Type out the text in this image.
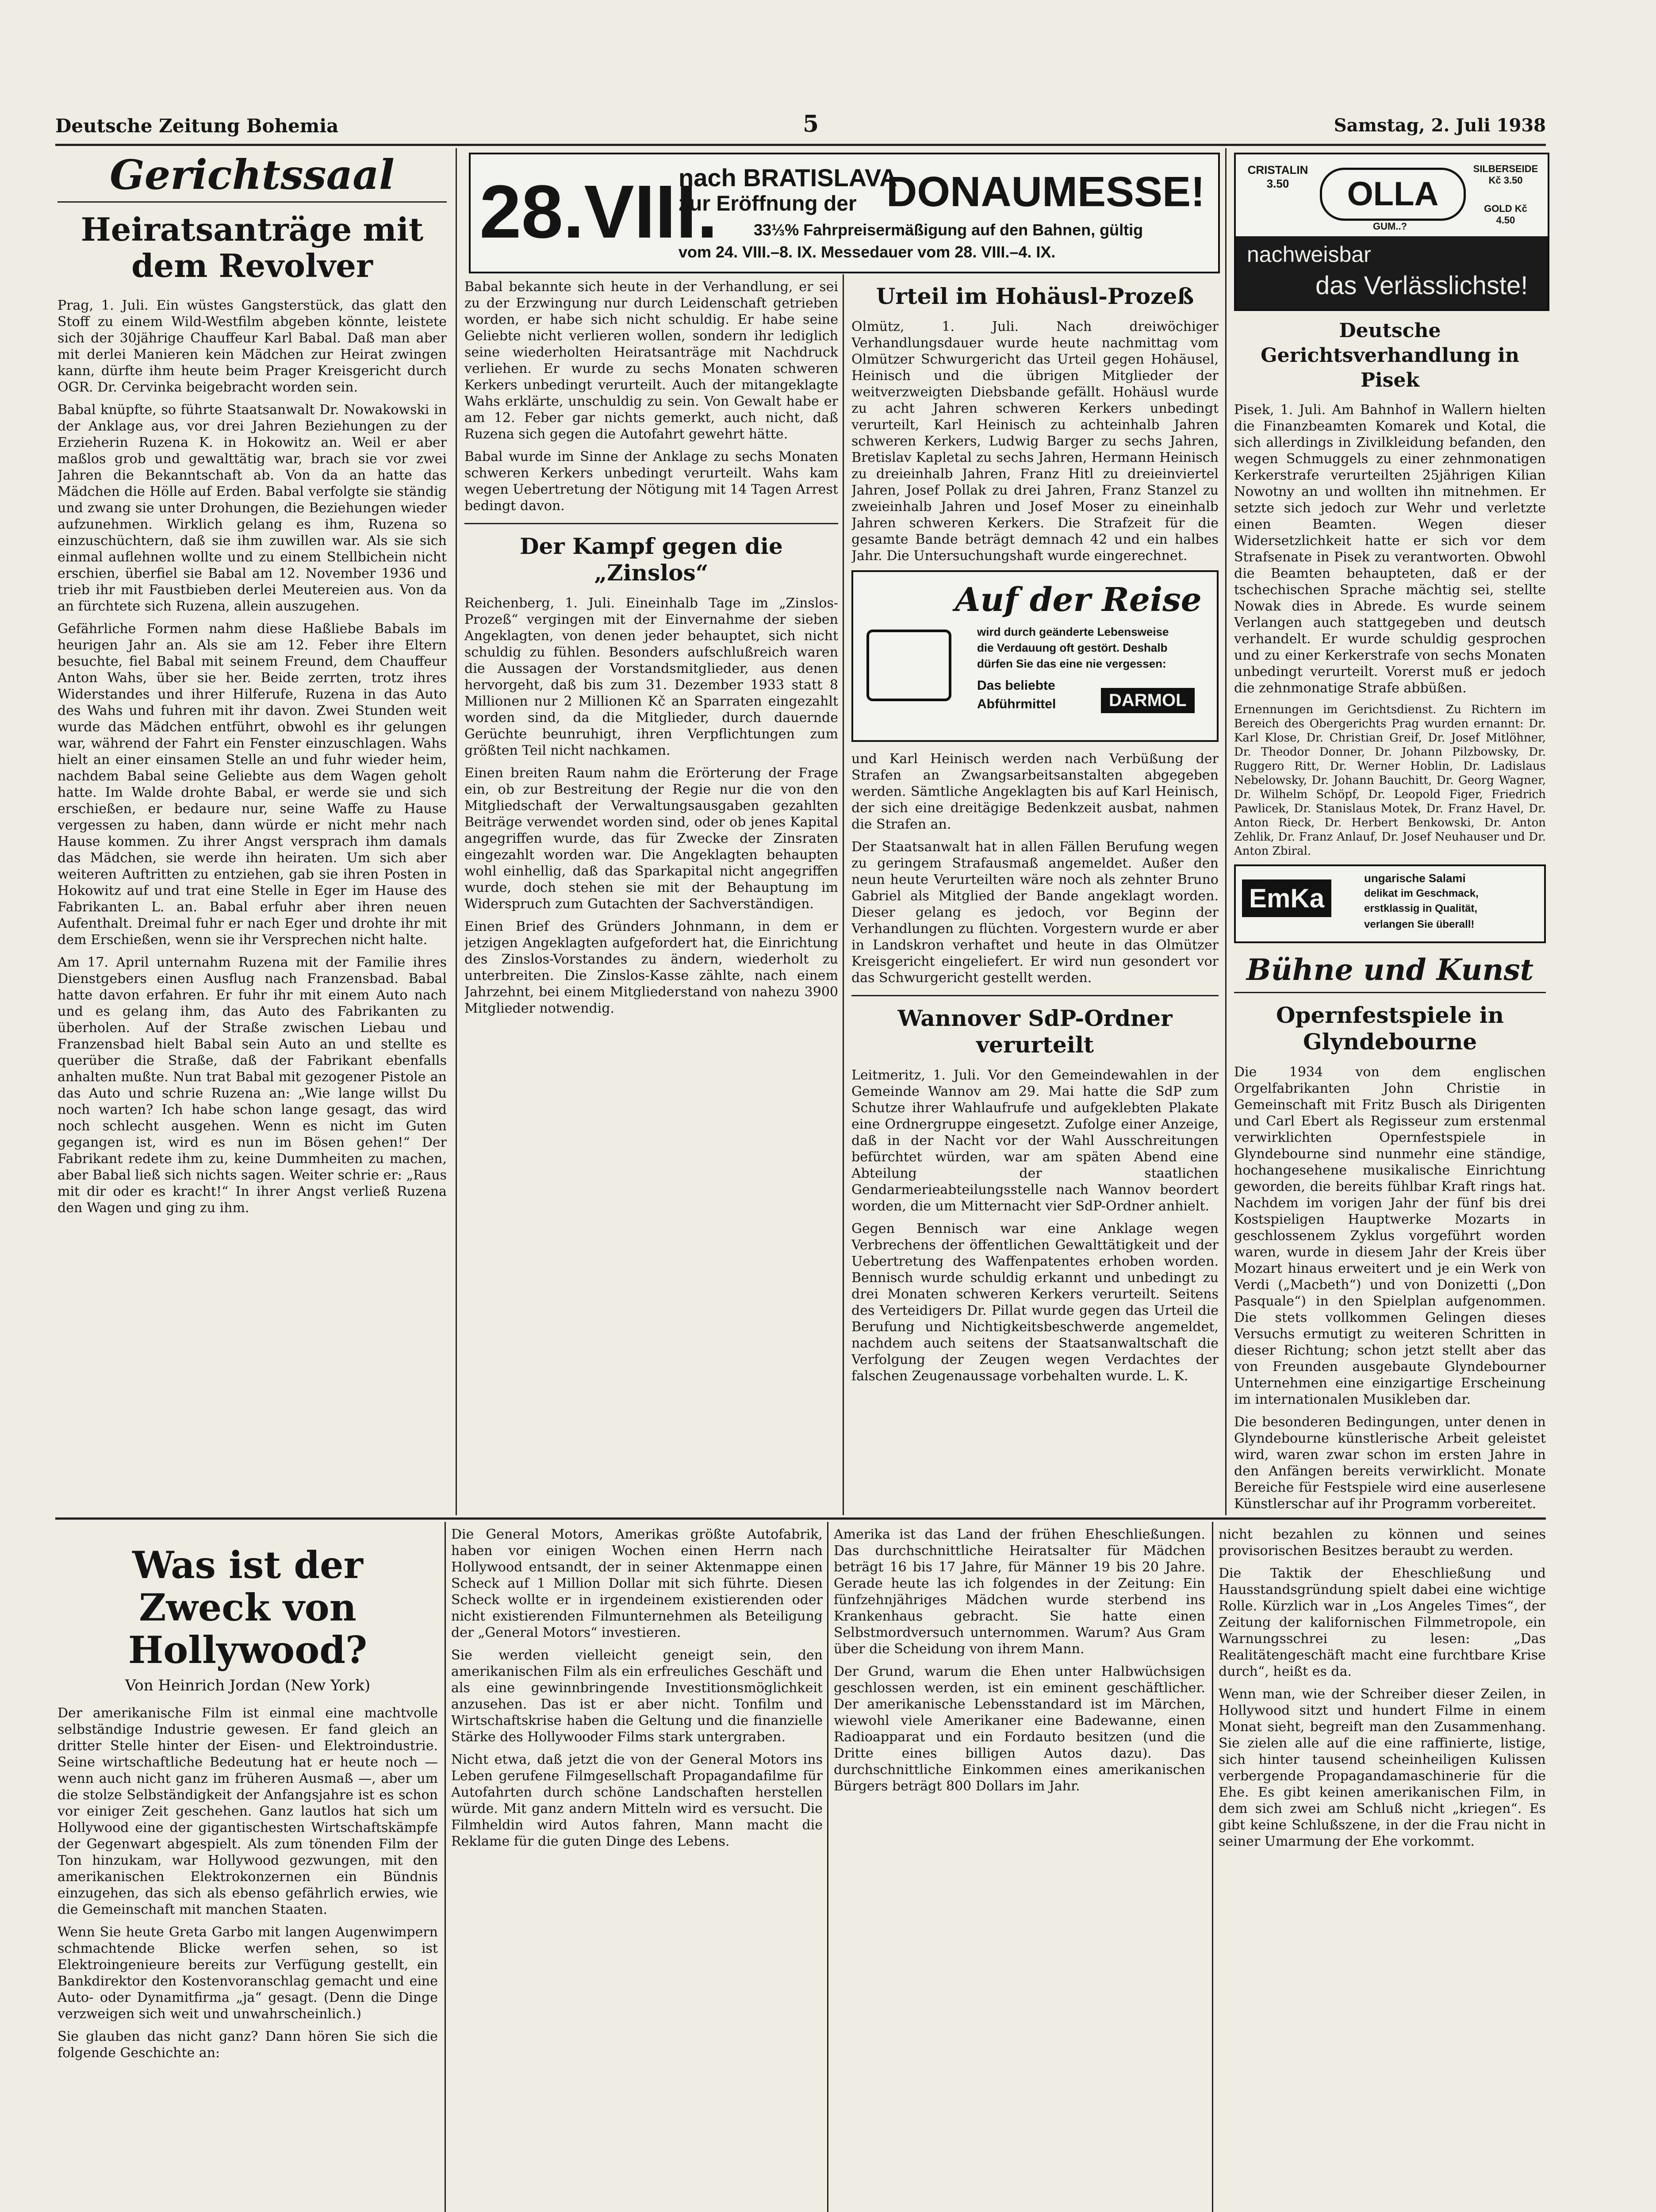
Deutsche Zeitung Bohemia	5	Samstag, 2. Juli 1938
Gerichtssaal
Heiratsanträge mit dem Revolver

Prag, 1. Juli. Ein wüstes Gangsterstück, das glatt den Stoff zu einem Wild-Westfilm abgeben könnte, leistete sich der 30jährige Chauffeur Karl Babal. Daß man aber mit derlei Manieren kein Mädchen zur Heirat zwingen kann, dürfte ihm heute beim Prager Kreisgericht durch OGR. Dr. Cervinka beigebracht worden sein.

Babal knüpfte, so führte Staatsanwalt Dr. Nowakowski in der Anklage aus, vor drei Jahren Beziehungen zu der Erzieherin Ruzena K. in Hokowitz an. Weil er aber maßlos grob und gewalttätig war, brach sie vor zwei Jahren die Bekanntschaft ab. Von da an hatte das Mädchen die Hölle auf Erden. Babal verfolgte sie ständig und zwang sie unter Drohungen, die Beziehungen wieder aufzunehmen. Wirklich gelang es ihm, Ruzena so einzuschüchtern, daß sie ihm zuwillen war. Als sie sich einmal auflehnen wollte und zu einem Stellbichein nicht erschien, überfiel sie Babal am 12. November 1936 und trieb ihr mit Faustbieben derlei Meutereien aus. Von da an fürchtete sich Ruzena, allein auszugehen.

Gefährliche Formen nahm diese Haßliebe Babals im heurigen Jahr an. Als sie am 12. Feber ihre Eltern besuchte, fiel Babal mit seinem Freund, dem Chauffeur Anton Wahs, über sie her. Beide zerrten, trotz ihres Widerstandes und ihrer Hilferufe, Ruzena in das Auto des Wahs und fuhren mit ihr davon. Zwei Stunden weit wurde das Mädchen entführt, obwohl es ihr gelungen war, während der Fahrt ein Fenster einzuschlagen. Wahs hielt an einer einsamen Stelle an und fuhr wieder heim, nachdem Babal seine Geliebte aus dem Wagen geholt hatte. Im Walde drohte Babal, er werde sie und sich erschießen, er bedaure nur, seine Waffe zu Hause vergessen zu haben, dann würde er nicht mehr nach Hause kommen. Zu ihrer Angst versprach ihm damals das Mädchen, sie werde ihn heiraten. Um sich aber weiteren Auftritten zu entziehen, gab sie ihren Posten in Hokowitz auf und trat eine Stelle in Eger im Hause des Fabrikanten L. an. Babal erfuhr aber ihren neuen Aufenthalt. Dreimal fuhr er nach Eger und drohte ihr mit dem Erschießen, wenn sie ihr Versprechen nicht halte.

Am 17. April unternahm Ruzena mit der Familie ihres Dienstgebers einen Ausflug nach Franzensbad. Babal hatte davon erfahren. Er fuhr ihr mit einem Auto nach und es gelang ihm, das Auto des Fabrikanten zu überholen. Auf der Straße zwischen Liebau und Franzensbad hielt Babal sein Auto an und stellte es querüber die Straße, daß der Fabrikant ebenfalls anhalten mußte. Nun trat Babal mit gezogener Pistole an das Auto und schrie Ruzena an: „Wie lange willst Du noch warten? Ich habe schon lange gesagt, das wird noch schlecht ausgehen. Wenn es nicht im Guten gegangen ist, wird es nun im Bösen gehen!“ Der Fabrikant redete ihm zu, keine Dummheiten zu machen, aber Babal ließ sich nichts sagen. Weiter schrie er: „Raus mit dir oder es kracht!“ In ihrer Angst verließ Ruzena den Wagen und ging zu ihm.

28.VIII.
nach BRATISLAVA
zur Eröffnung der DONAUMESSE!
33⅓% Fahrpreisermäßigung auf den Bahnen, gültig
vom 24. VIII.–8. IX. Messedauer vom 28. VIII.–4. IX.

Babal bekannte sich heute in der Verhandlung, er sei zu der Erzwingung nur durch Leidenschaft getrieben worden, er habe sich nicht schuldig. Er habe seine Geliebte nicht verlieren wollen, sondern ihr lediglich seine wiederholten Heiratsanträge mit Nachdruck verliehen. Er wurde zu sechs Monaten schweren Kerkers unbedingt verurteilt. Auch der mitangeklagte Wahs erklärte, unschuldig zu sein. Von Gewalt habe er am 12. Feber gar nichts gemerkt, auch nicht, daß Ruzena sich gegen die Autofahrt gewehrt hätte.

Babal wurde im Sinne der Anklage zu sechs Monaten schweren Kerkers unbedingt verurteilt. Wahs kam wegen Uebertretung der Nötigung mit 14 Tagen Arrest bedingt davon.

Der Kampf gegen die „Zinslos“

Reichenberg, 1. Juli. Eineinhalb Tage im „Zinslos-Prozeß“ vergingen mit der Einvernahme der sieben Angeklagten, von denen jeder behauptet, sich nicht schuldig zu fühlen. Besonders aufschlußreich waren die Aussagen der Vorstandsmitglieder, aus denen hervorgeht, daß bis zum 31. Dezember 1933 statt 8 Millionen nur 2 Millionen Kč an Sparraten eingezahlt worden sind, da die Mitglieder, durch dauernde Gerüchte beunruhigt, ihren Verpflichtungen zum größten Teil nicht nachkamen.

Einen breiten Raum nahm die Erörterung der Frage ein, ob zur Bestreitung der Regie nur die von den Mitgliedschaft der Verwaltungsausgaben gezahlten Beiträge verwendet worden sind, oder ob jenes Kapital angegriffen wurde, das für Zwecke der Zinsraten eingezahlt worden war. Die Angeklagten behaupten wohl einhellig, daß das Sparkapital nicht angegriffen wurde, doch stehen sie mit der Behauptung im Widerspruch zum Gutachten der Sachverständigen.

Einen Brief des Gründers Johnmann, in dem er jetzigen Angeklagten aufgefordert hat, die Einrichtung des Zinslos-Vorstandes zu ändern, wiederholt zu unterbreiten. Die Zinslos-Kasse zählte, nach einem Jahrzehnt, bei einem Mitgliederstand von nahezu 3900 Mitglieder notwendig.

Urteil im Hohäusl-Prozeß

Olmütz, 1. Juli. Nach dreiwöchiger Verhandlungsdauer wurde heute nachmittag vom Olmützer Schwurgericht das Urteil gegen Hohäusel, Heinisch und die übrigen Mitglieder der weitverzweigten Diebsbande gefällt. Hohäusl wurde zu acht Jahren schweren Kerkers unbedingt verurteilt, Karl Heinisch zu achteinhalb Jahren schweren Kerkers, Ludwig Barger zu sechs Jahren, Bretislav Kapletal zu sechs Jahren, Hermann Heinisch zu dreieinhalb Jahren, Franz Hitl zu dreieinviertel Jahren, Josef Pollak zu drei Jahren, Franz Stanzel zu zweieinhalb Jahren und Josef Moser zu eineinhalb Jahren schweren Kerkers. Die Strafzeit für die gesamte Bande beträgt demnach 42 und ein halbes Jahr. Die Untersuchungshaft wurde eingerechnet.

Auf der Reise
wird durch geänderte Lebensweise
die Verdauung oft gestört. Deshalb
dürfen Sie das eine nie vergessen:
Das beliebte
Abführmittel	DARMOL

und Karl Heinisch werden nach Verbüßung der Strafen an Zwangsarbeitsanstalten abgegeben werden. Sämtliche Angeklagten bis auf Karl Heinisch, der sich eine dreitägige Bedenkzeit ausbat, nahmen die Strafen an.

Der Staatsanwalt hat in allen Fällen Berufung wegen zu geringem Strafausmaß angemeldet. Außer den neun heute Verurteilten wäre noch als zehnter Bruno Gabriel als Mitglied der Bande angeklagt worden. Dieser gelang es jedoch, vor Beginn der Verhandlungen zu flüchten. Vorgestern wurde er aber in Landskron verhaftet und heute in das Olmützer Kreisgericht eingeliefert. Er wird nun gesondert vor das Schwurgericht gestellt werden.

Wannover SdP-Ordner verurteilt

Leitmeritz, 1. Juli. Vor den Gemeindewahlen in der Gemeinde Wannov am 29. Mai hatte die SdP zum Schutze ihrer Wahlaufrufe und aufgeklebten Plakate eine Ordnergruppe eingesetzt. Zufolge einer Anzeige, daß in der Nacht vor der Wahl Ausschreitungen befürchtet würden, war am späten Abend eine Abteilung der staatlichen Gendarmerieabteilungsstelle nach Wannov beordert worden, die um Mitternacht vier SdP-Ordner anhielt.

Gegen Bennisch war eine Anklage wegen Verbrechens der öffentlichen Gewalttätigkeit und der Uebertretung des Waffenpatentes erhoben worden. Bennisch wurde schuldig erkannt und unbedingt zu drei Monaten schweren Kerkers verurteilt. Seitens des Verteidigers Dr. Pillat wurde gegen das Urteil die Berufung und Nichtigkeitsbeschwerde angemeldet, nachdem auch seitens der Staatsanwaltschaft die Verfolgung der Zeugen wegen Verdachtes der falschen Zeugenaussage vorbehalten wurde. L. K.

CRISTALIN 3.50	OLLA
GUM..?
SILBERSEIDE Kč 3.50
GOLD Kč 4.50
nachweisbar
das Verlässlichste!
Deutsche Gerichtsverhandlung in Pisek

Pisek, 1. Juli. Am Bahnhof in Wallern hielten die Finanzbeamten Komarek und Kotal, die sich allerdings in Zivilkleidung befanden, den wegen Schmuggels zu einer zehnmonatigen Kerkerstrafe verurteilten 25jährigen Kilian Nowotny an und wollten ihn mitnehmen. Er setzte sich jedoch zur Wehr und verletzte einen Beamten. Wegen dieser Widersetzlichkeit hatte er sich vor dem Strafsenate in Pisek zu verantworten. Obwohl die Beamten behaupteten, daß er der tschechischen Sprache mächtig sei, stellte Nowak dies in Abrede. Es wurde seinem Verlangen auch stattgegeben und deutsch verhandelt. Er wurde schuldig gesprochen und zu einer Kerkerstrafe von sechs Monaten unbedingt verurteilt. Vorerst muß er jedoch die zehnmonatige Strafe abbüßen.

Ernennungen im Gerichtsdienst. Zu Richtern im Bereich des Obergerichts Prag wurden ernannt: Dr. Karl Klose, Dr. Christian Greif, Dr. Josef Mitlöhner, Dr. Theodor Donner, Dr. Johann Pilzbowsky, Dr. Ruggero Ritt, Dr. Werner Hoblin, Dr. Ladislaus Nebelowsky, Dr. Johann Bauchitt, Dr. Georg Wagner, Dr. Wilhelm Schöpf, Dr. Leopold Figer, Friedrich Pawlicek, Dr. Stanislaus Motek, Dr. Franz Havel, Dr. Anton Rieck, Dr. Herbert Benkowski, Dr. Anton Zehlik, Dr. Franz Anlauf, Dr. Josef Neuhauser und Dr. Anton Zbiral.

EmKa
ungarische Salami
delikat im Geschmack,
erstklassig in Qualität,
verlangen Sie überall!
Bühne und Kunst
Opernfestspiele in Glyndebourne

Die 1934 von dem englischen Orgelfabrikanten John Christie in Gemeinschaft mit Fritz Busch als Dirigenten und Carl Ebert als Regisseur zum erstenmal verwirklichten Opernfestspiele in Glyndebourne sind nunmehr eine ständige, hochangesehene musikalische Einrichtung geworden, die bereits fühlbar Kraft rings hat. Nachdem im vorigen Jahr der fünf bis drei Kostspieligen Hauptwerke Mozarts in geschlossenem Zyklus vorgeführt worden waren, wurde in diesem Jahr der Kreis über Mozart hinaus erweitert und je ein Werk von Verdi („Macbeth“) und von Donizetti („Don Pasquale“) in den Spielplan aufgenommen. Die stets vollkommen Gelingen dieses Versuchs ermutigt zu weiteren Schritten in dieser Richtung; schon jetzt stellt aber das von Freunden ausgebaute Glyndebourner Unternehmen eine einzigartige Erscheinung im internationalen Musikleben dar.

Die besonderen Bedingungen, unter denen in Glyndebourne künstlerische Arbeit geleistet wird, waren zwar schon im ersten Jahre in den Anfängen bereits verwirklicht. Monate Bereiche für Festspiele wird eine auserlesene Künstlerschar auf ihr Programm vorbereitet.

Was ist der Zweck von Hollywood?
Von Heinrich Jordan (New York)

Der amerikanische Film ist einmal eine machtvolle selbständige Industrie gewesen. Er fand gleich an dritter Stelle hinter der Eisen- und Elektroindustrie. Seine wirtschaftliche Bedeutung hat er heute noch — wenn auch nicht ganz im früheren Ausmaß —, aber um die stolze Selbständigkeit der Anfangsjahre ist es schon vor einiger Zeit geschehen. Ganz lautlos hat sich um Hollywood eine der gigantischesten Wirtschaftskämpfe der Gegenwart abgespielt. Als zum tönenden Film der Ton hinzukam, war Hollywood gezwungen, mit den amerikanischen Elektrokonzernen ein Bündnis einzugehen, das sich als ebenso gefährlich erwies, wie die Gemeinschaft mit manchen Staaten.

Wenn Sie heute Greta Garbo mit langen Augenwimpern schmachtende Blicke werfen sehen, so ist Elektroingenieure bereits zur Verfügung gestellt, ein Bankdirektor den Kostenvoranschlag gemacht und eine Auto- oder Dynamitfirma „ja“ gesagt. (Denn die Dinge verzweigen sich weit und unwahrscheinlich.)

Sie glauben das nicht ganz? Dann hören Sie sich die folgende Geschichte an:

Die General Motors, Amerikas größte Autofabrik, haben vor einigen Wochen einen Herrn nach Hollywood entsandt, der in seiner Aktenmappe einen Scheck auf 1 Million Dollar mit sich führte. Diesen Scheck wollte er in irgendeinem existierenden oder nicht existierenden Filmunternehmen als Beteiligung der „General Motors“ investieren.

Sie werden vielleicht geneigt sein, den amerikanischen Film als ein erfreuliches Geschäft und als eine gewinnbringende Investitionsmöglichkeit anzusehen. Das ist er aber nicht. Tonfilm und Wirtschaftskrise haben die Geltung und die finanzielle Stärke des Hollywooder Films stark untergraben.

Nicht etwa, daß jetzt die von der General Motors ins Leben gerufene Filmgesellschaft Propagandafilme für Autofahrten durch schöne Landschaften herstellen würde. Mit ganz andern Mitteln wird es versucht. Die Filmheldin wird Autos fahren, Mann macht die Reklame für die guten Dinge des Lebens.

Amerika ist das Land der frühen Eheschließungen. Das durchschnittliche Heiratsalter für Mädchen beträgt 16 bis 17 Jahre, für Männer 19 bis 20 Jahre. Gerade heute las ich folgendes in der Zeitung: Ein fünfzehnjähriges Mädchen wurde sterbend ins Krankenhaus gebracht. Sie hatte einen Selbstmordversuch unternommen. Warum? Aus Gram über die Scheidung von ihrem Mann.

Der Grund, warum die Ehen unter Halbwüchsigen geschlossen werden, ist ein eminent geschäftlicher. Der amerikanische Lebensstandard ist im Märchen, wiewohl viele Amerikaner eine Badewanne, einen Radioapparat und ein Fordauto besitzen (und die Dritte eines billigen Autos dazu). Das durchschnittliche Einkommen eines amerikanischen Bürgers beträgt 800 Dollars im Jahr.

nicht bezahlen zu können und seines provisorischen Besitzes beraubt zu werden.

Die Taktik der Eheschließung und Hausstandsgründung spielt dabei eine wichtige Rolle. Kürzlich war in „Los Angeles Times“, der Zeitung der kalifornischen Filmmetropole, ein Warnungsschrei zu lesen: „Das Realitätengeschäft macht eine furchtbare Krise durch“, heißt es da.

Wenn man, wie der Schreiber dieser Zeilen, in Hollywood sitzt und hundert Filme in einem Monat sieht, begreift man den Zusammenhang. Sie zielen alle auf die eine raffinierte, listige, sich hinter tausend scheinheiligen Kulissen verbergende Propagandamaschinerie für die Ehe. Es gibt keinen amerikanischen Film, in dem sich zwei am Schluß nicht „kriegen“. Es gibt keine Schlußszene, in der die Frau nicht in seiner Umarmung der Ehe vorkommt.
